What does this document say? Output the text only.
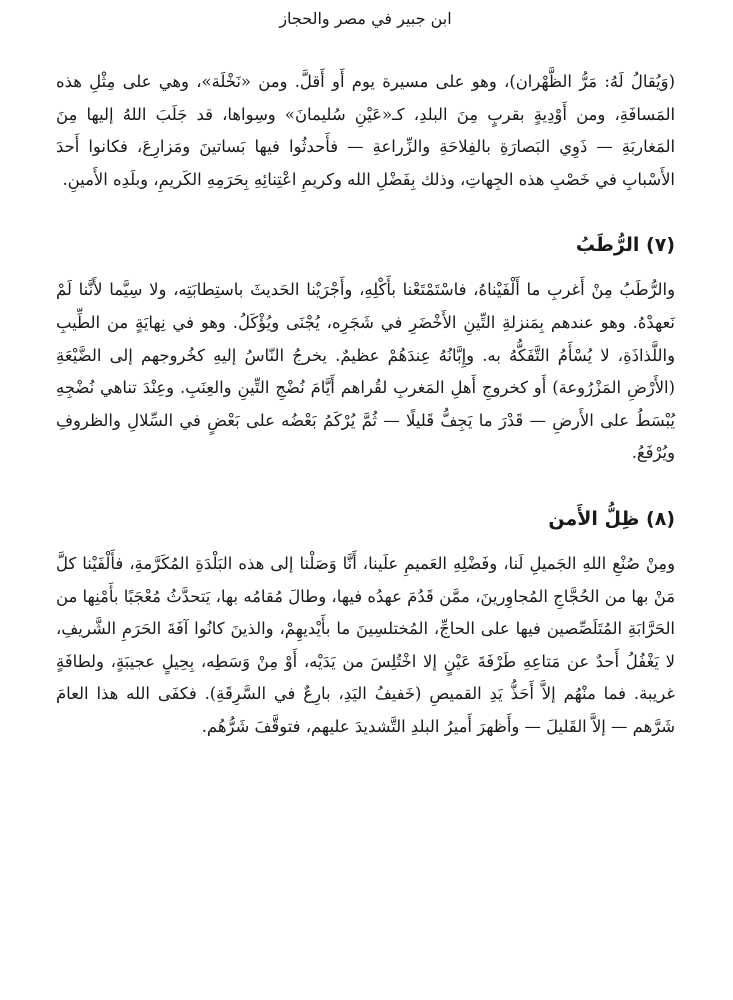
ابن جبير في مصر والحجاز

(وَيُقالُ لَهُ: مَرُّ الظَّهْران)، وهو على مسيرة يوم أَو أَقلَّ. ومن «نَخْلَة»، وهي على مِثْلِ هذه المَسافَةِ، ومن أَوْدِيةٍ بقربٍ مِنَ البلدِ، كـ«عَيْنِ سُليمانَ» وسِواها، قد جَلَبَ اللهُ إليها مِنَ المَغاربَةِ — ذَوِي البَصارَةِ بالفِلاحَةِ والزِّراعةِ — فأَحدثُوا فيها بَساتينَ ومَزارِعَ، فكانوا أَحدَ الأَسْبابِ في خَصْبِ هذه الجِهاتِ، وذلك بِفَضْلِ الله وكريمِ اعْتِنائِهِ بِحَرَمِهِ الكَريمِ، وبلَدِه الأَمينِ.

(٧) الرُّطَبُ

والرُّطَبُ مِنْ أَغربِ ما أَلْفَيْناهُ، فاسْتَمْتَعْنا بأَكْلِهِ، وأَجْرَيْنا الحَديثَ باستِطابَتِه، ولا سِيَّما لأَنَّنا لَمْ نَعهدْهُ. وهو عندهم بِمَنزلةِ التِّينِ الأَخْضَرِ في شَجَرِه، يُجْنَى ويُؤْكَلُ. وهو في نِهايَةٍ من الطِّيبِ واللَّذاذَةِ، لا يُسْأَمُ التَّفَكُّهُ به. وإِبَّانُهُ عِندَهُمْ عظيمٌ. يخرجُ النّاسُ إليهِ كخُروجهم إلى الضَّيْعَةِ (الأَرْضِ المَزْرُوعة) أَو كخروجِ أَهلِ المَغربِ لقُراهم أَيَّامَ نُضْجِ التِّينِ والعِنَبِ. وعِنْدَ تناهي نُضْجِهِ يُبْسَطُ على الأَرضِ — قَدْرَ ما يَجِفُّ قَليلًا — ثُمَّ يُرْكَمُ بَعْضُه على بَعْضٍ في السِّلالِ والظروفِ ويُرْفَعُ.

(٨) ظِلُّ الأَمن

ومِنْ صُنْعِ اللهِ الجَميلِ لَنا، وفَضْلِهِ العَميمِ علَينا، أَنَّا وَصَلْنا إلى هذه البَلْدَةِ المُكَرَّمةِ، فأَلْفَيْنا كلَّ مَنْ بها من الحُجَّاجِ المُجاوِرينَ، ممَّن قَدُمَ عهدُه فيها، وطالَ مُقامُه بها، يَتحدَّثُ مُعْجَبًا بأَمْنِها من الحَرَّابَةِ المُتَلَصِّصين فيها على الحاجِّ، المُختلسِينَ ما بأَيْديهِمْ، والذينَ كانُوا آفَةَ الحَرَمِ الشَّريفِ، لا يَغْفُلُ أَحدٌ عن مَتاعِهِ طَرْفَةَ عَيْنٍ إلا اخْتُلِسَ من يَدَيْه، أَوْ مِنْ وَسَطِه، بِحِيلٍ عجيبَةٍ، ولطافَةٍ غريبة. فما منْهُم إلاَّ أَحَذُّ يَدِ القميصِ (خَفيفُ اليَدِ، بارِعٌ في السَّرِقَةِ). فكفَى الله هذا العامَ شَرَّهم — إلاَّ القَليلَ — وأَظهرَ أَميرُ البلدِ التَّشديدَ عليهم، فتوقَّفَ شَرُّهُم.
